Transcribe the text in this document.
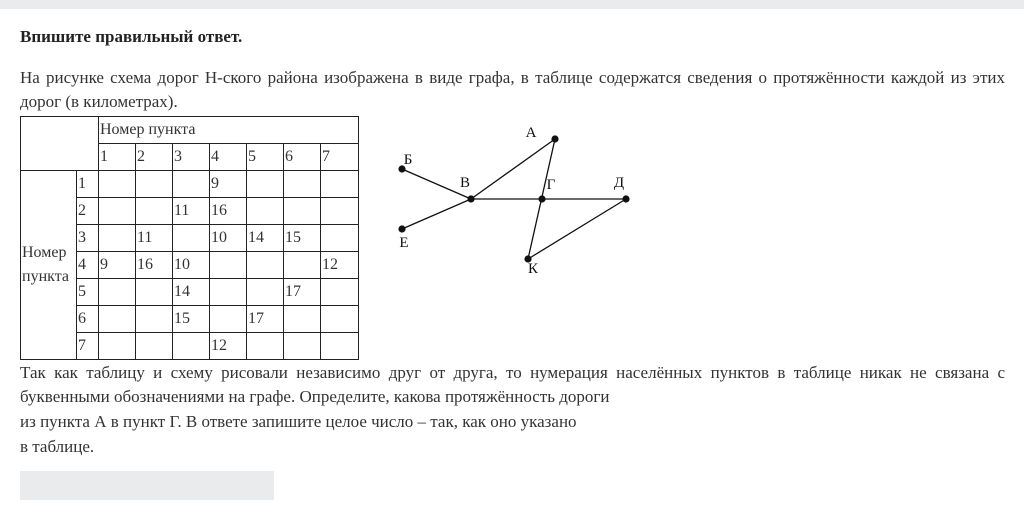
Впишите правильный ответ.
На рисунке схема дорог Н-ского района изображена в виде графа, в таблице содержатся сведения о протяжённости каждой из этих дорог (в километрах).
		Номер пункта						
		1	2	3	4	5	6	7
Номер
пункта	1				9			
	2			11	16			
	3		11		10	14	15	
	4	9	16	10				12
	5			14			17	
	6			15		17		
	7				12			
А
Б
В	Г	Д
Е
К
Так как таблицу и схему рисовали независимо друг от друга, то нумерация населённых пунктов в таблице никак не связана с буквенными обозначениями на графе. Определите, какова протяжённость дороги
из пункта А в пункт Г. В ответе запишите целое число – так, как оно указано
в таблице.
